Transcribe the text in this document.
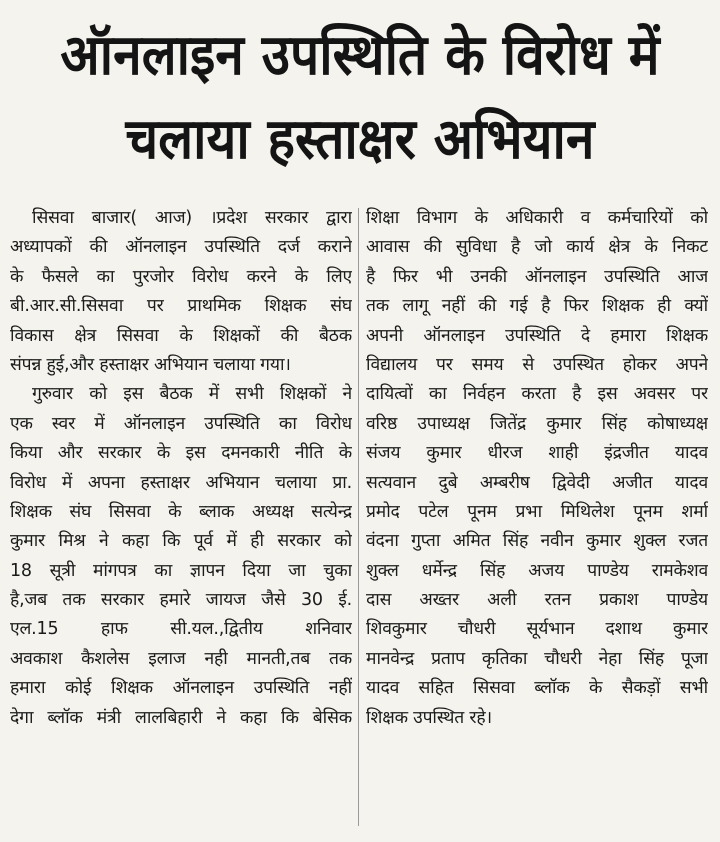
ऑनलाइन उपस्थिति के विरोध में
चलाया हस्ताक्षर अभियान
सिसवा बाजार( आज) ।प्रदेश सरकार द्वारा
अध्यापकों की ऑनलाइन उपस्थिति दर्ज कराने
के फैसले का पुरजोर विरोध करने के लिए
बी.आर.सी.सिसवा पर प्राथमिक शिक्षक संघ
विकास क्षेत्र सिसवा के शिक्षकों की बैठक
संपन्न हुई,और हस्ताक्षर अभियान चलाया गया।
गुरुवार को इस बैठक में सभी शिक्षकों ने
एक स्वर में ऑनलाइन उपस्थिति का विरोध
किया और सरकार के इस दमनकारी नीति के
विरोध में अपना हस्ताक्षर अभियान चलाया प्रा.
शिक्षक संघ सिसवा के ब्लाक अध्यक्ष सत्येन्द्र
कुमार मिश्र ने कहा कि पूर्व में ही सरकार को
18 सूत्री मांगपत्र का ज्ञापन दिया जा चुका
है,जब तक सरकार हमारे जायज जैसे 30 ई.
एल.15 हाफ सी.यल.,द्वितीय शनिवार
अवकाश कैशलेस इलाज नही मानती,तब तक
हमारा कोई शिक्षक ऑनलाइन उपस्थिति नहीं
देगा ब्लॉक मंत्री लालबिहारी ने कहा कि बेसिक
शिक्षा विभाग के अधिकारी व कर्मचारियों को
आवास की सुविधा है जो कार्य क्षेत्र के निकट
है फिर भी उनकी ऑनलाइन उपस्थिति आज
तक लागू नहीं की गई है फिर शिक्षक ही क्यों
अपनी ऑनलाइन उपस्थिति दे हमारा शिक्षक
विद्यालय पर समय से उपस्थित होकर अपने
दायित्वों का निर्वहन करता है इस अवसर पर
वरिष्ठ उपाध्यक्ष जितेंद्र कुमार सिंह कोषाध्यक्ष
संजय कुमार धीरज शाही इंद्रजीत यादव
सत्यवान दुबे अम्बरीष द्विवेदी अजीत यादव
प्रमोद पटेल पूनम प्रभा मिथिलेश पूनम शर्मा
वंदना गुप्ता अमित सिंह नवीन कुमार शुक्ल रजत
शुक्ल धर्मेन्द्र सिंह अजय पाण्डेय रामकेशव
दास अख्तर अली रतन प्रकाश पाण्डेय
शिवकुमार चौधरी सूर्यभान दशाथ कुमार
मानवेन्द्र प्रताप कृतिका चौधरी नेहा सिंह पूजा
यादव सहित सिसवा ब्लॉक के सैकड़ों सभी
शिक्षक उपस्थित रहे।
